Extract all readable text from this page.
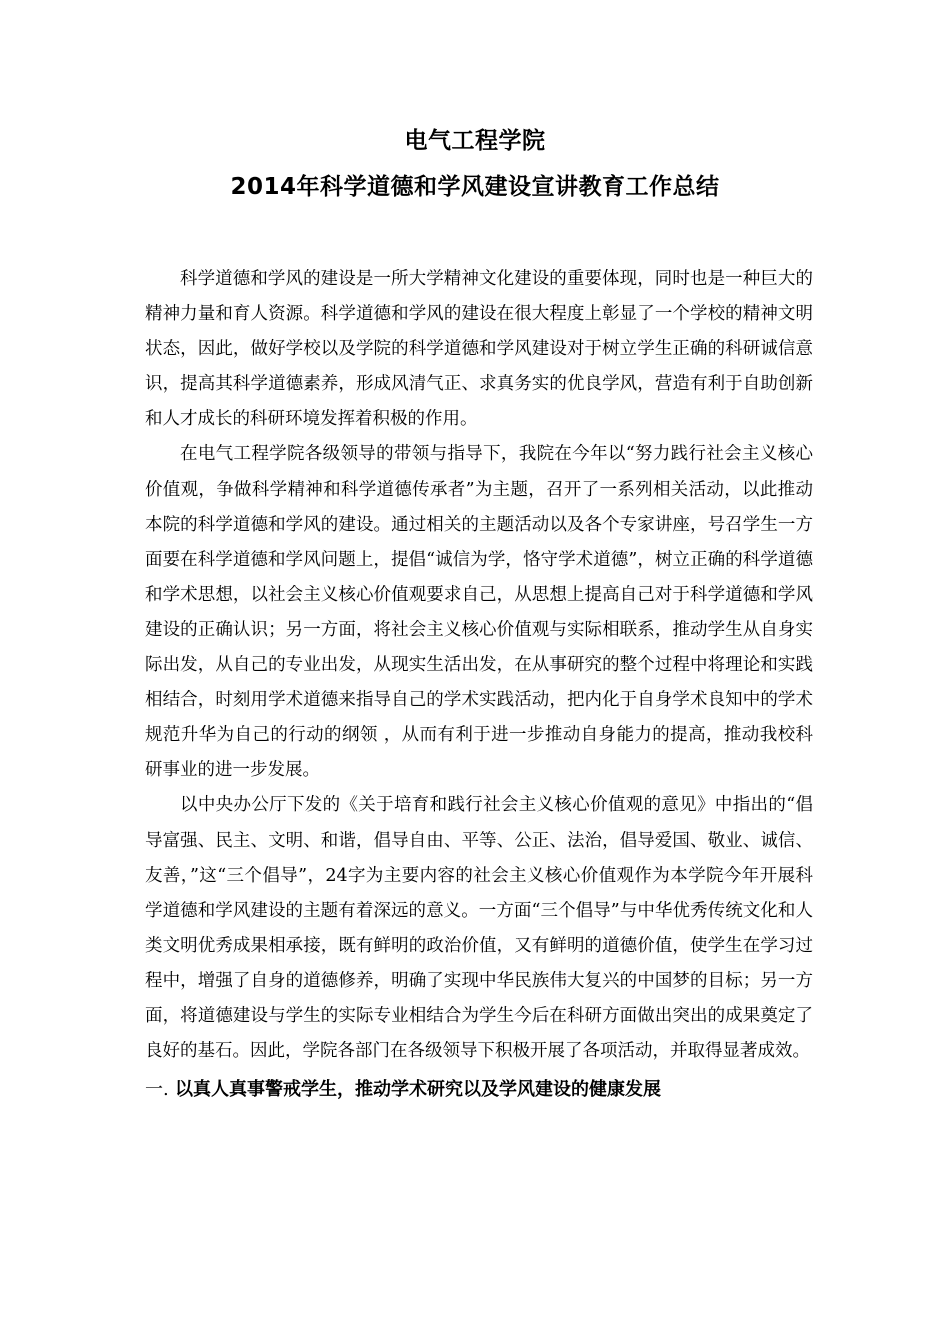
电气工程学院
2014年科学道德和学风建设宣讲教育工作总结

科学道德和学风的建设是一所大学精神文化建设的重要体现，同时也是一种巨大的精神力量和育人资源。科学道德和学风的建设在很大程度上彰显了一个学校的精神文明状态，因此，做好学校以及学院的科学道德和学风建设对于树立学生正确的科研诚信意识，提高其科学道德素养，形成风清气正、求真务实的优良学风，营造有利于自助创新和人才成长的科研环境发挥着积极的作用。

在电气工程学院各级领导的带领与指导下，我院在今年以“努力践行社会主义核心价值观，争做科学精神和科学道德传承者”为主题，召开了一系列相关活动，以此推动本院的科学道德和学风的建设。通过相关的主题活动以及各个专家讲座，号召学生一方面要在科学道德和学风问题上，提倡“诚信为学，恪守学术道德”，树立正确的科学道德和学术思想，以社会主义核心价值观要求自己，从思想上提高自己对于科学道德和学风建设的正确认识；另一方面，将社会主义核心价值观与实际相联系，推动学生从自身实际出发，从自己的专业出发，从现实生活出发，在从事研究的整个过程中将理论和实践相结合，时刻用学术道德来指导自己的学术实践活动，把内化于自身学术良知中的学术规范升华为自己的行动的纲领 ，从而有利于进一步推动自身能力的提高，推动我校科研事业的进一步发展。

以中央办公厅下发的《关于培育和践行社会主义核心价值观的意见》中指出的“倡导富强、民主、文明、和谐，倡导自由、平等、公正、法治，倡导爱国、敬业、诚信、友善，”这“三个倡导”，24字为主要内容的社会主义核心价值观作为本学院今年开展科学道德和学风建设的主题有着深远的意义。一方面“三个倡导”与中华优秀传统文化和人类文明优秀成果相承接，既有鲜明的政治价值，又有鲜明的道德价值，使学生在学习过程中，增强了自身的道德修养，明确了实现中华民族伟大复兴的中国梦的目标；另一方面，将道德建设与学生的实际专业相结合为学生今后在科研方面做出突出的成果奠定了良好的基石。因此，学院各部门在各级领导下积极开展了各项活动，并取得显著成效。

一. 以真人真事警戒学生，推动学术研究以及学风建设的健康发展
